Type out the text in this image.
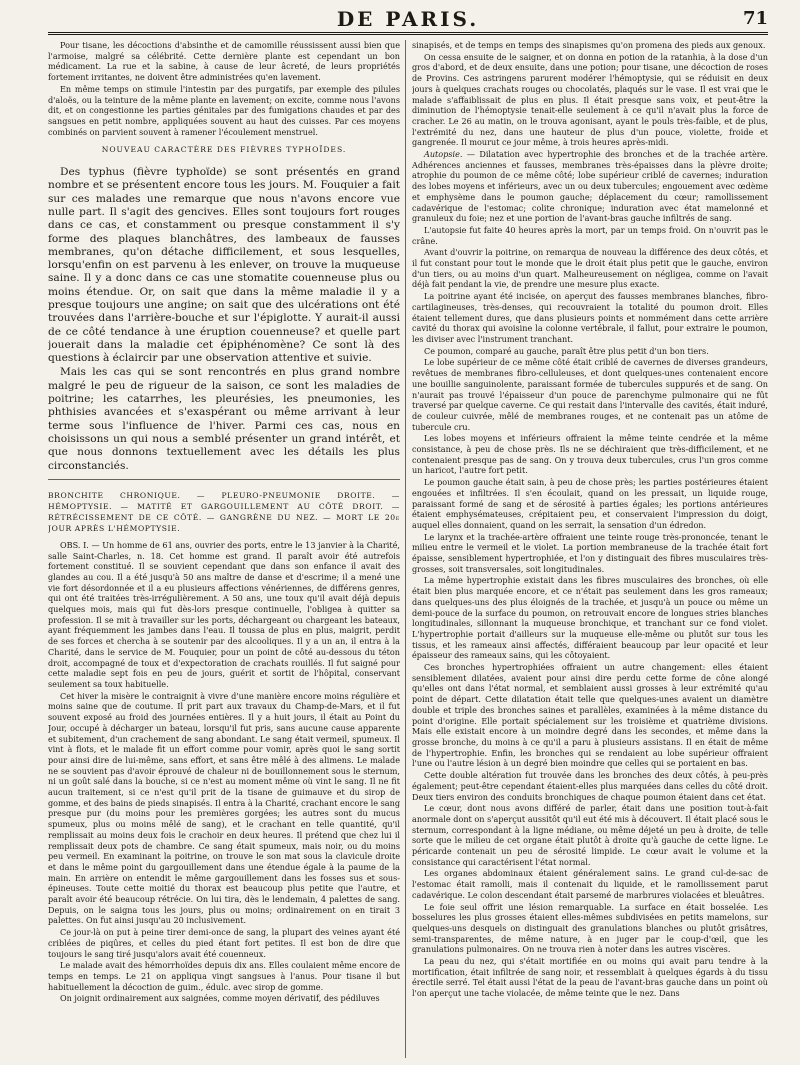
DE PARIS.	71

Pour tisane, les décoctions d'absinthe et de camomille réussissent aussi bien que l'armoise, malgré sa célébrité. Cette dernière plante est cependant un bon médicament. La rue et la sabine, à cause de leur âcreté, de leurs propriétés fortement irritantes, ne doivent être administrées qu'en lavement.

En même temps on stimule l'intestin par des purgatifs, par exemple des pilules d'aloës, ou la teinture de la même plante en lavement; on excite, comme nous l'avons dit, et on congestionne les parties génitales par des fumigations chaudes et par des sangsues en petit nombre, appliquées souvent au haut des cuisses. Par ces moyens combinés on parvient souvent à ramener l'écoulement menstruel.

NOUVEAU CARACTÈRE DES FIÈVRES TYPHOÏDES.

Des typhus (fièvre typhoïde) se sont présentés en grand nombre et se présentent encore tous les jours. M. Fouquier a fait sur ces malades une remarque que nous n'avons encore vue nulle part. Il s'agit des gencives. Elles sont toujours fort rouges dans ce cas, et constamment ou presque constamment il s'y forme des plaques blanchâtres, des lambeaux de fausses membranes, qu'on détache difficilement, et sous lesquelles, lorsqu'enfin on est parvenu à les enlever, on trouve la muqueuse saine. Il y a donc dans ce cas une stomatite couenneuse plus ou moins étendue. Or, on sait que dans la même maladie il y a presque toujours une angine; on sait que des ulcérations ont été trouvées dans l'arrière-bouche et sur l'épiglotte. Y aurait-il aussi de ce côté tendance à une éruption couenneuse? et quelle part jouerait dans la maladie cet épiphénomène? Ce sont là des questions à éclaircir par une observation attentive et suivie.

Mais les cas qui se sont rencontrés en plus grand nombre malgré le peu de rigueur de la saison, ce sont les maladies de poitrine; les catarrhes, les pleurésies, les pneumonies, les phthisies avancées et s'exaspérant ou même arrivant à leur terme sous l'influence de l'hiver. Parmi ces cas, nous en choisissons un qui nous a semblé présenter un grand intérêt, et que nous donnons textuellement avec les détails les plus circonstanciés.

BRONCHITE CHRONIQUE. — PLEURO-PNEUMONIE DROITE. — HÉMOPTYSIE. — MATITÉ ET GARGOUILLEMENT AU CÔTÉ DROIT. — RÉTRÉCISSEMENT DE CE CÔTÉ. — GANGRÈNE DU NEZ. — MORT LE 20e JOUR APRÈS L'HÉMOPTYSIE.

OBS. I. — Un homme de 61 ans, ouvrier des ports, entre le 13 janvier à la Charité, salle Saint-Charles, n. 18. Cet homme est grand. Il paraît avoir été autrefois fortement constitué. Il se souvient cependant que dans son enfance il avait des glandes au cou. Il a été jusqu'à 50 ans maître de danse et d'escrime; il a mené une vie fort désordonnée et il a eu plusieurs affections vénériennes, de différens genres, qui ont été traitées très-irrégulièrement. A 50 ans, une toux qu'il avait déjà depuis quelques mois, mais qui fut dès-lors presque continuelle, l'obligea à quitter sa profession. Il se mit à travailler sur les ports, déchargeant ou chargeant les bateaux, ayant fréquemment les jambes dans l'eau. Il toussa de plus en plus, maigrit, perdit de ses forces et chercha à se soutenir par des alcooliques. Il y a un an, il entra à la Charité, dans le service de M. Fouquier, pour un point de côté au-dessous du téton droit, accompagné de toux et d'expectoration de crachats rouillés. Il fut saigné pour cette maladie sept fois en peu de jours, guérit et sortit de l'hôpital, conservant seulement sa toux habituelle.

Cet hiver la misère le contraignit à vivre d'une manière encore moins régulière et moins saine que de coutume. Il prit part aux travaux du Champ-de-Mars, et il fut souvent exposé au froid des journées entières. Il y a huit jours, il était au Point du Jour, occupé à décharger un bateau, lorsqu'il fut pris, sans aucune cause apparente et subitement, d'un crachement de sang abondant. Le sang était vermeil, spumeux. Il vint à flots, et le malade fit un effort comme pour vomir, après quoi le sang sortit pour ainsi dire de lui-même, sans effort, et sans être mêlé à des alimens. Le malade ne se souvient pas d'avoir éprouvé de chaleur ni de bouillonnement sous le sternum, ni un goût salé dans la bouche, si ce n'est au moment même où vint le sang. Il ne fit aucun traitement, si ce n'est qu'il prit de la tisane de guimauve et du sirop de gomme, et des bains de pieds sinapisés. Il entra à la Charité, crachant encore le sang presque pur (du moins pour les premières gorgées; les autres sont du mucus spumeux, plus ou moins mêlé de sang), et le crachant en telle quantité, qu'il remplissait au moins deux fois le crachoir en deux heures. Il prétend que chez lui il remplissait deux pots de chambre. Ce sang était spumeux, mais noir, ou du moins peu vermeil. En examinant la poitrine, on trouve le son mat sous la clavicule droite et dans le même point du gargouillement dans une étendue égale à la paume de la main. En arrière on entendit le même gargouillement dans les fosses sus et sous-épineuses. Toute cette moitié du thorax est beaucoup plus petite que l'autre, et paraît avoir été beaucoup rétrécie. On lui tira, dès le lendemain, 4 palettes de sang. Depuis, on le saigna tous les jours, plus ou moins; ordinairement on en tirait 3 palettes. On fut ainsi jusqu'au 20 inclusivement.

Ce jour-là on put à peine tirer demi-once de sang, la plupart des veines ayant été criblées de piqûres, et celles du pied étant fort petites. Il est bon de dire que toujours le sang tiré jusqu'alors avait été couenneux.

Le malade avait des hémorrhoïdes depuis dix ans. Elles coulaient même encore de temps en temps. Le 21 on appliqua vingt sangsues à l'anus. Pour tisane il but habituellement la décoction de guim., édulc. avec sirop de gomme.

On joignit ordinairement aux saignées, comme moyen dérivatif, des pédiluves

sinapisés, et de temps en temps des sinapismes qu'on promena des pieds aux genoux.

On cessa ensuite de le saigner, et on donna en potion de la ratanhia, à la dose d'un gros d'abord, et de deux ensuite, dans une potion; pour tisane, une décoction de roses de Provins. Ces astringens parurent modérer l'hémoptysie, qui se réduisit en deux jours à quelques crachats rouges ou chocolatés, plaqués sur le vase. Il est vrai que le malade s'affaiblissait de plus en plus. Il était presque sans voix, et peut-être la diminution de l'hémoptysie tenait-elle seulement à ce qu'il n'avait plus la force de cracher. Le 26 au matin, on le trouva agonisant, ayant le pouls très-faible, et de plus, l'extrémité du nez, dans une hauteur de plus d'un pouce, violette, froide et gangrenée. Il mourut ce jour même, à trois heures après-midi.

Autopsie. — Dilatation avec hypertrophie des bronches et de la trachée artère. Adhérences anciennes et fausses, membranes très-épaisses dans la plèvre droite; atrophie du poumon de ce même côté; lobe supérieur criblé de cavernes; induration des lobes moyens et inférieurs, avec un ou deux tubercules; engouement avec œdème et emphysème dans le poumon gauche; déplacement du cœur; ramollissement cadavérique de l'estomac; colite chronique; induration avec état mamelonné et granuleux du foie; nez et une portion de l'avant-bras gauche infiltrés de sang.

L'autopsie fut faite 40 heures après la mort, par un temps froid. On n'ouvrit pas le crâne.

Avant d'ouvrir la poitrine, on remarqua de nouveau la différence des deux côtés, et il fut constant pour tout le monde que le droit était plus petit que le gauche, environ d'un tiers, ou au moins d'un quart. Malheureusement on négligea, comme on l'avait déjà fait pendant la vie, de prendre une mesure plus exacte.

La poitrine ayant été incisée, on aperçut des fausses membranes blanches, fibro-cartilagineuses, très-denses, qui recouvraient la totalité du poumon droit. Elles étaient tellement dures, que dans plusieurs points et nommément dans cette arrière cavité du thorax qui avoisine la colonne vertébrale, il fallut, pour extraire le poumon, les diviser avec l'instrument tranchant.

Ce poumon, comparé au gauche, paraît être plus petit d'un bon tiers.

Le lobe supérieur de ce même côté était criblé de cavernes de diverses grandeurs, revêtues de membranes fibro-celluleuses, et dont quelques-unes contenaient encore une bouillie sanguinolente, paraissant formée de tubercules suppurés et de sang. On n'aurait pas trouvé l'épaisseur d'un pouce de parenchyme pulmonaire qui ne fût traversé par quelque caverne. Ce qui restait dans l'intervalle des cavités, était induré, de couleur cuivrée, mêlé de membranes rouges, et ne contenait pas un atôme de tubercule cru.

Les lobes moyens et inférieurs offraient la même teinte cendrée et la même consistance, à peu de chose près. Ils ne se déchiraient que très-difficilement, et ne contenaient presque pas de sang. On y trouva deux tubercules, crus l'un gros comme un haricot, l'autre fort petit.

Le poumon gauche était sain, à peu de chose près; les parties postérieures étaient engouées et infiltrées. Il s'en écoulait, quand on les pressait, un liquide rouge, paraissant formé de sang et de sérosité à parties égales; les portions antérieures étaient emphysémateuses, crépitaient peu, et conservaient l'impression du doigt, auquel elles donnaient, quand on les serrait, la sensation d'un édredon.

Le larynx et la trachée-artère offraient une teinte rouge très-prononcée, tenant le milieu entre le vermeil et le violet. La portion membraneuse de la trachée était fort épaisse, sensiblement hypertrophiée, et l'on y distinguait des fibres musculaires très-grosses, soit transversales, soit longitudinales.

La même hypertrophie existait dans les fibres musculaires des bronches, où elle était bien plus marquée encore, et ce n'était pas seulement dans les gros rameaux; dans quelques-uns des plus éloignés de la trachée, et jusqu'à un pouce ou même un demi-pouce de la surface du poumon, on retrouvait encore de longues stries blanches longitudinales, sillonnant la muqueuse bronchique, et tranchant sur ce fond violet. L'hypertrophie portait d'ailleurs sur la muqueuse elle-même ou plutôt sur tous les tissus, et les rameaux ainsi affectés, différaient beaucoup par leur opacité et leur épaisseur des rameaux sains, qui les côtoyaient.

Ces bronches hypertrophiées offraient un autre changement: elles étaient sensiblement dilatées, avaient pour ainsi dire perdu cette forme de cône alongé qu'elles ont dans l'état normal, et semblaient aussi grosses à leur extrémité qu'au point de départ. Cette dilatation était telle que quelques-unes avaient un diamètre double et triple des bronches saines et parallèles, examinées à la même distance du point d'origine. Elle portait spécialement sur les troisième et quatrième divisions. Mais elle existait encore à un moindre degré dans les secondes, et même dans la grosse bronche, du moins à ce qu'il a paru à plusieurs assistans. Il en était de même de l'hypertrophie. Enfin, les bronches qui se rendaient au lobe supérieur offraient l'une ou l'autre lésion à un degré bien moindre que celles qui se portaient en bas.

Cette double altération fut trouvée dans les bronches des deux côtés, à peu-près également; peut-être cependant étaient-elles plus marquées dans celles du côté droit. Deux tiers environ des conduits bronchiques de chaque poumon étaient dans cet état.

Le cœur, dont nous avons différé de parler, était dans une position tout-à-fait anormale dont on s'aperçut aussitôt qu'il eut été mis à découvert. Il était placé sous le sternum, correspondant à la ligne médiane, ou même déjeté un peu à droite, de telle sorte que le milieu de cet organe était plutôt à droite qu'à gauche de cette ligne. Le péricarde contenait un peu de sérosité limpide. Le cœur avait le volume et la consistance qui caractérisent l'état normal.

Les organes abdominaux étaient généralement sains. Le grand cul-de-sac de l'estomac était ramolli, mais il contenait du liquide, et le ramollissement parut cadavérique. Le colon descendant était parsemé de marbrures violacées et bleuâtres.

Le foie seul offrit une lésion remarquable. La surface en était bosselée. Les bosselures les plus grosses étaient elles-mêmes subdivisées en petits mamelons, sur quelques-uns desquels on distinguait des granulations blanches ou plutôt grisâtres, semi-transparentes, de même nature, à en juger par le coup-d'œil, que les granulations pulmonaires. On ne trouva rien à noter dans les autres viscères.

La peau du nez, qui s'était mortifiée en ou moins qui avait paru tendre à la mortification, était infiltrée de sang noir, et ressemblait à quelques égards à du tissu érectile serré. Tel était aussi l'état de la peau de l'avant-bras gauche dans un point où l'on aperçut une tache violacée, de même teinte que le nez. Dans
